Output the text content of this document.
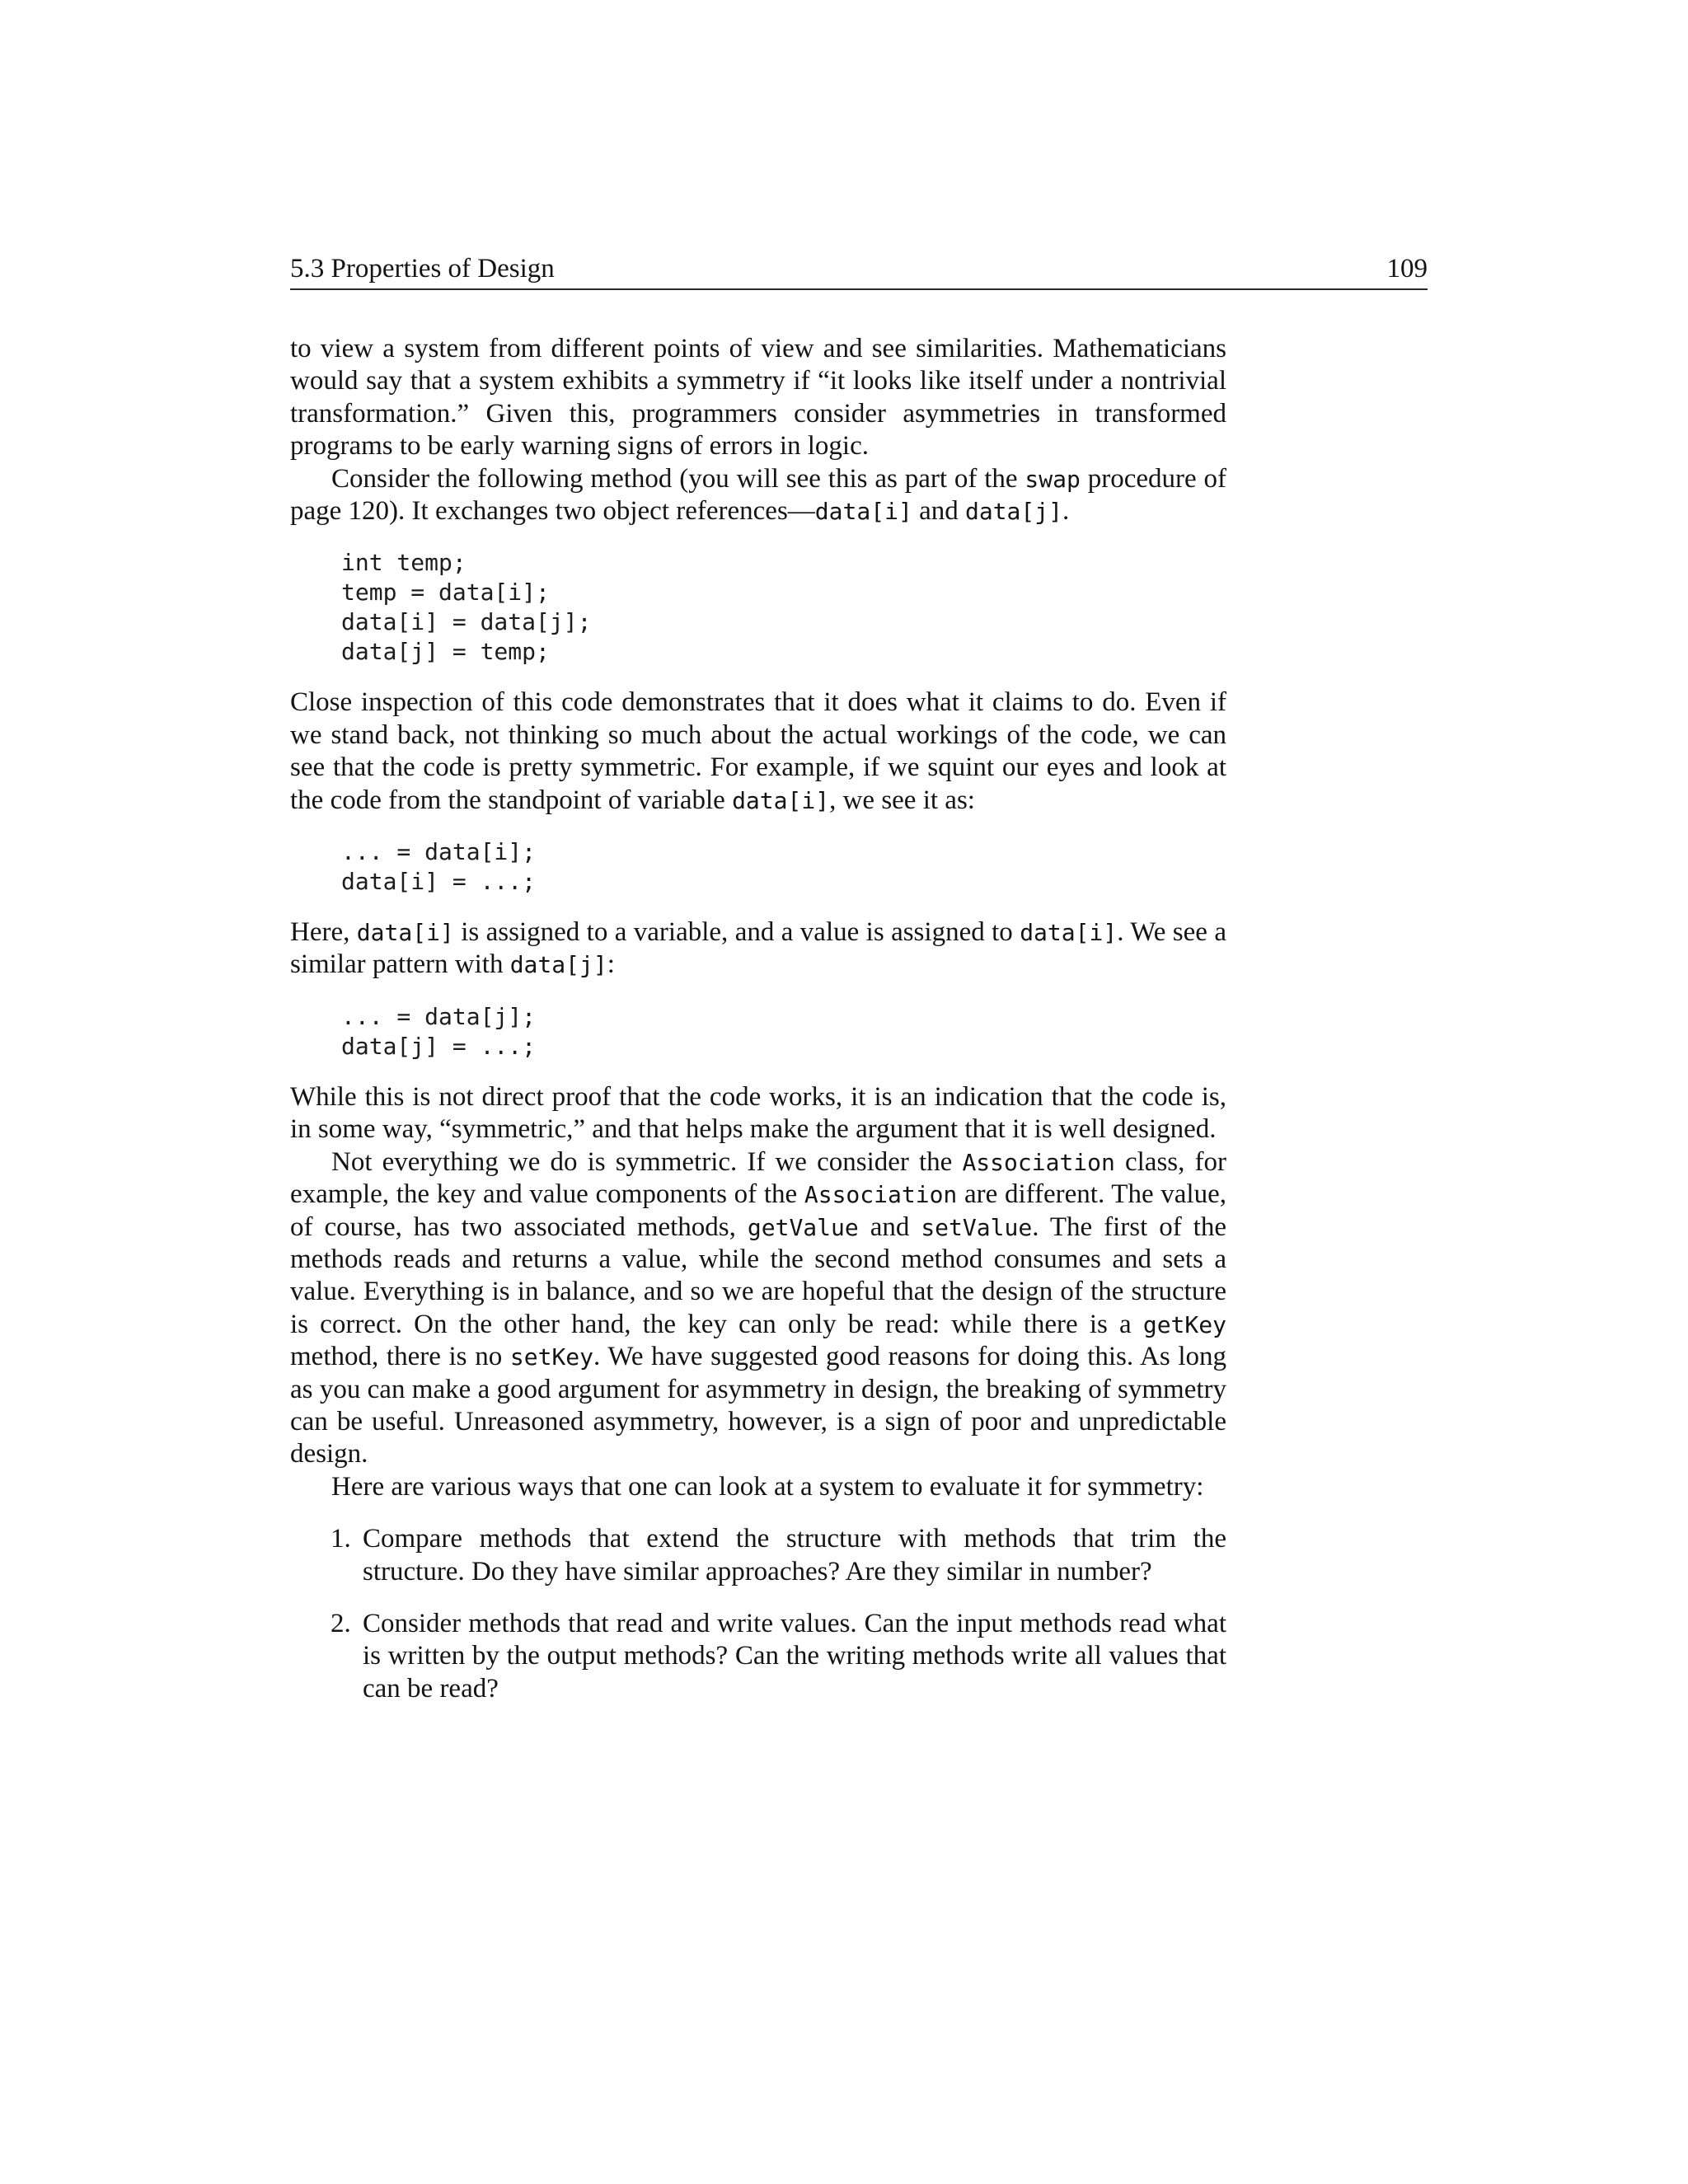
5.3 Properties of Design	109

to view a system from different points of view and see similarities. Mathematicians would say that a system exhibits a symmetry if “it looks like itself under a nontrivial transformation.” Given this, programmers consider asymmetries in transformed programs to be early warning signs of errors in logic.

Consider the following method (you will see this as part of the swap procedure of page 120). It exchanges two object references—data[i] and data[j].

int temp;
temp = data[i];
data[i] = data[j];
data[j] = temp;

Close inspection of this code demonstrates that it does what it claims to do. Even if we stand back, not thinking so much about the actual workings of the code, we can see that the code is pretty symmetric. For example, if we squint our eyes and look at the code from the standpoint of variable data[i], we see it as:

... = data[i];
data[i] = ...;

Here, data[i] is assigned to a variable, and a value is assigned to data[i]. We see a similar pattern with data[j]:

... = data[j];
data[j] = ...;

While this is not direct proof that the code works, it is an indication that the code is, in some way, “symmetric,” and that helps make the argument that it is well designed.

Not everything we do is symmetric. If we consider the Association class, for example, the key and value components of the Association are different. The value, of course, has two associated methods, getValue and setValue. The first of the methods reads and returns a value, while the second method consumes and sets a value. Everything is in balance, and so we are hopeful that the design of the structure is correct. On the other hand, the key can only be read: while there is a getKey method, there is no setKey. We have suggested good reasons for doing this. As long as you can make a good argument for asymmetry in design, the breaking of symmetry can be useful. Unreasoned asymmetry, however, is a sign of poor and unpredictable design.

Here are various ways that one can look at a system to evaluate it for symmetry:

1. Compare methods that extend the structure with methods that trim the structure. Do they have similar approaches? Are they similar in number?
2. Consider methods that read and write values. Can the input methods read what is written by the output methods? Can the writing methods write all values that can be read?
